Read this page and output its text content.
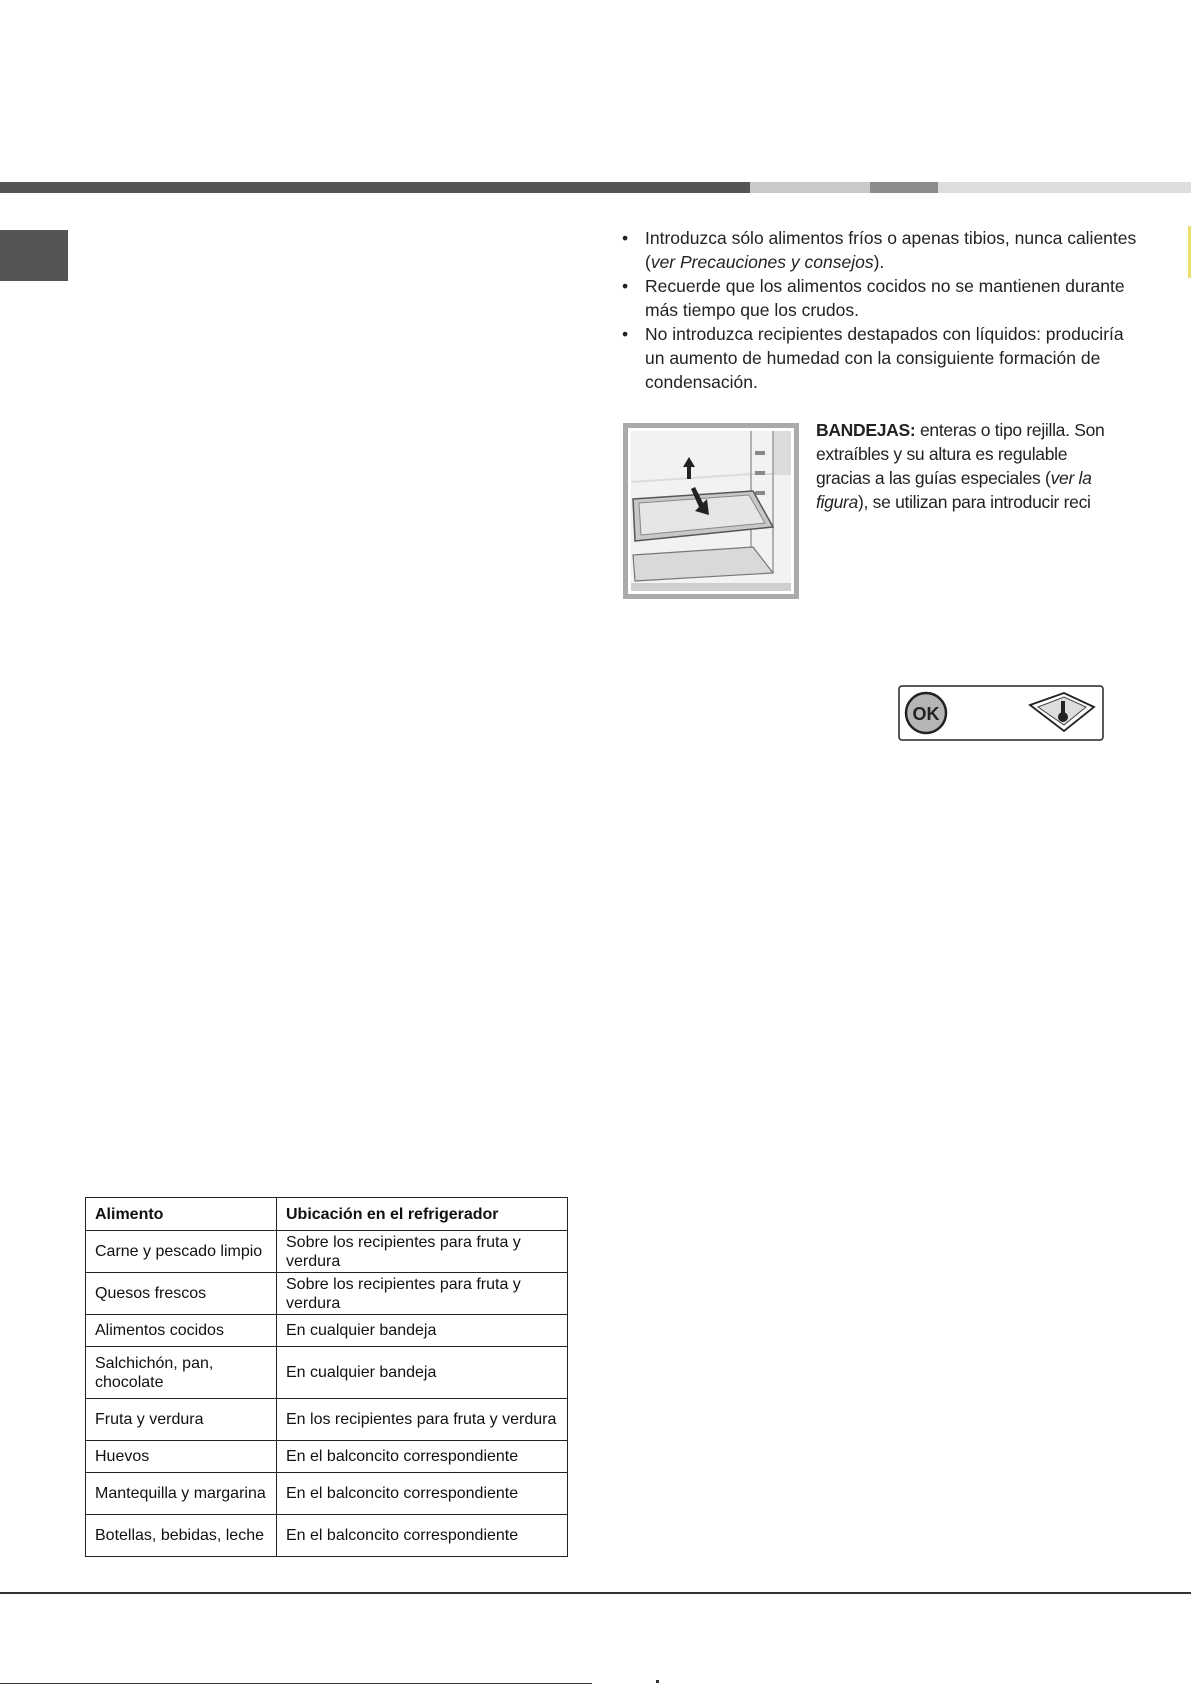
• Introduzca sólo alimentos fríos o apenas tibios, nunca calientes (ver Precauciones y consejos).
• Recuerde que los alimentos cocidos no se mantienen durante más tiempo que los crudos.
• No introduzca recipientes destapados con líquidos: produciría un aumento de humedad con la consiguiente formación de condensación.
BANDEJAS: enteras o tipo rejilla. Son extraíbles y su altura es regulable gracias a las guías especiales (ver la figura), se utilizan para introducir reci
OK
Alimento	Ubicación en el refrigerador
Carne y pescado limpio	Sobre los recipientes para fruta y verdura
Quesos frescos	Sobre los recipientes para fruta y verdura
Alimentos cocidos	En cualquier bandeja
Salchichón, pan, chocolate	En cualquier bandeja
Fruta y verdura	En los recipientes para fruta y verdura
Huevos	En el balconcito correspondiente
Mantequilla y margarina	En el balconcito correspondiente
Botellas, bebidas, leche	En el balconcito correspondiente
